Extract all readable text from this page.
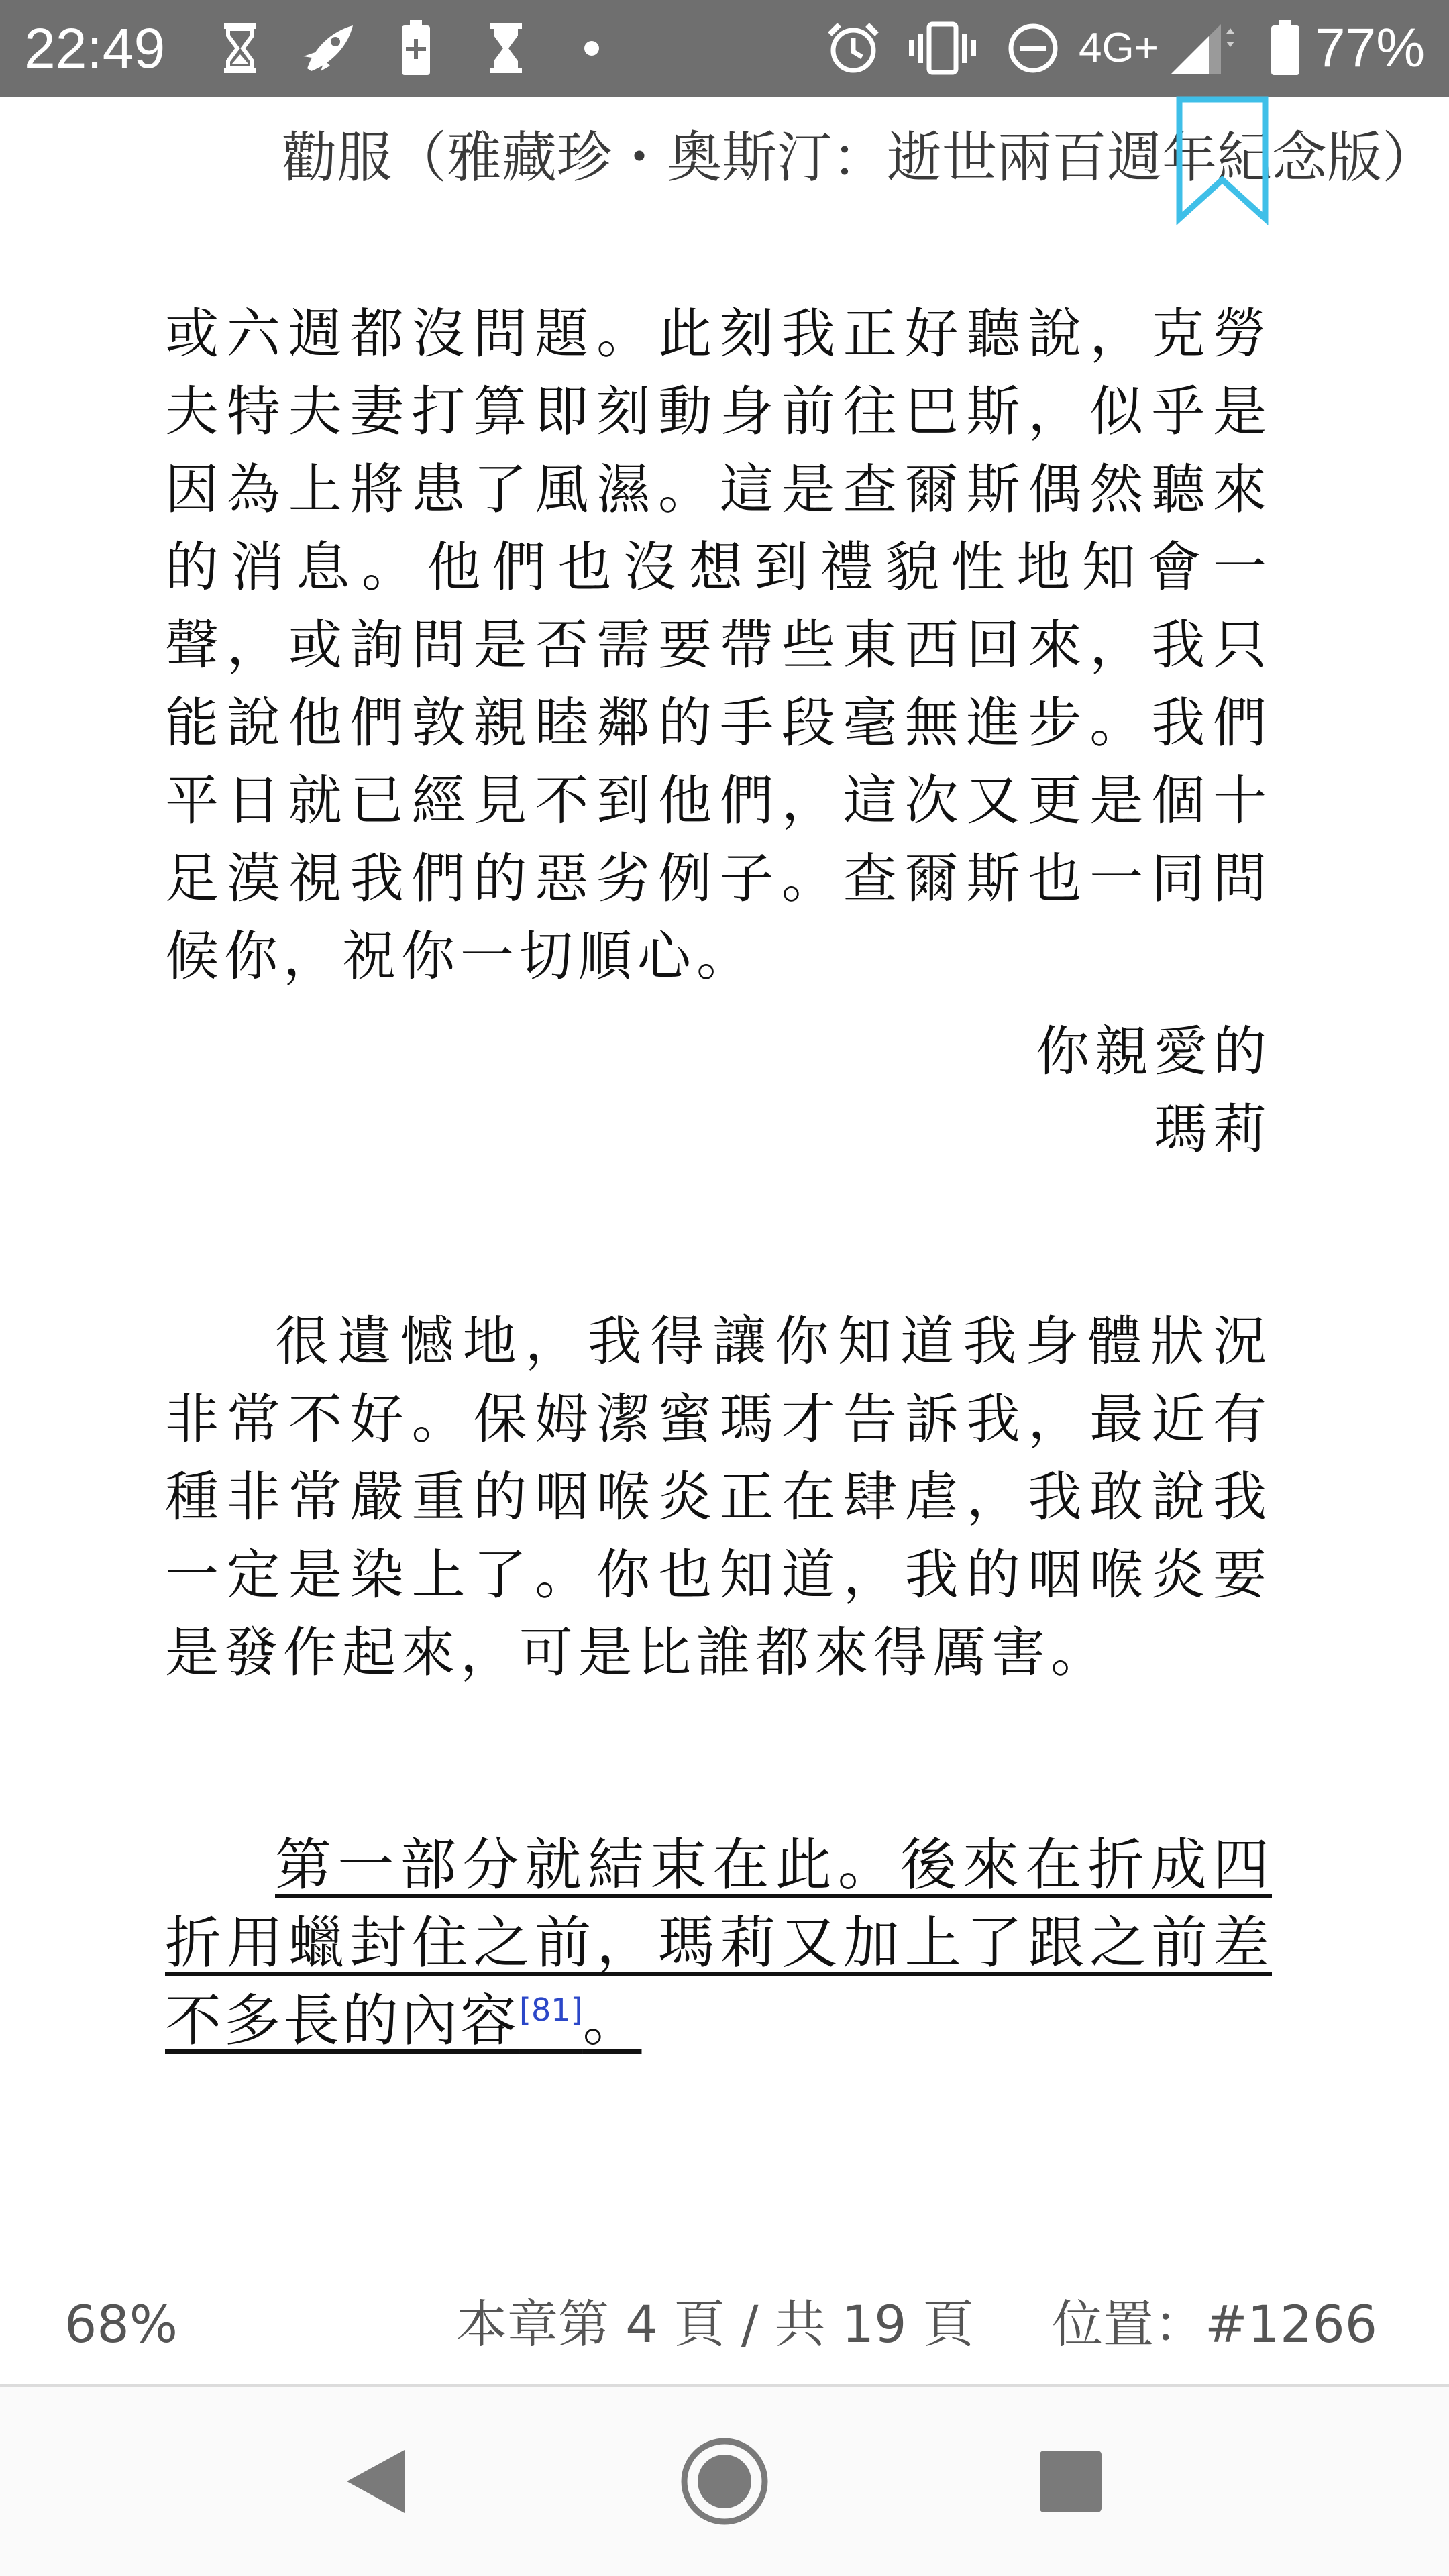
22:49	4G+	77%
勸服（雅藏珍・奧斯汀：逝世兩百週年紀念版）

或六週都沒問題。此刻我正好聽說，克勞夫特夫妻打算即刻動身前往巴斯，似乎是因為上將患了風濕。這是查爾斯偶然聽來的消息。他們也沒想到禮貌性地知會一聲，或詢問是否需要帶些東西回來，我只能說他們敦親睦鄰的手段毫無進步。我們平日就已經見不到他們，這次又更是個十足漠視我們的惡劣例子。查爾斯也一同問候你，祝你一切順心。

你親愛的

瑪莉

很遺憾地，我得讓你知道我身體狀況非常不好。保姆潔蜜瑪才告訴我，最近有種非常嚴重的咽喉炎正在肆虐，我敢說我一定是染上了。你也知道，我的咽喉炎要是發作起來，可是比誰都來得厲害。

第一部分就結束在此。後來在折成四折用蠟封住之前，瑪莉又加上了跟之前差不多長的內容[81]。

68%	本章第 4 頁 / 共 19 頁 位置：#1266
